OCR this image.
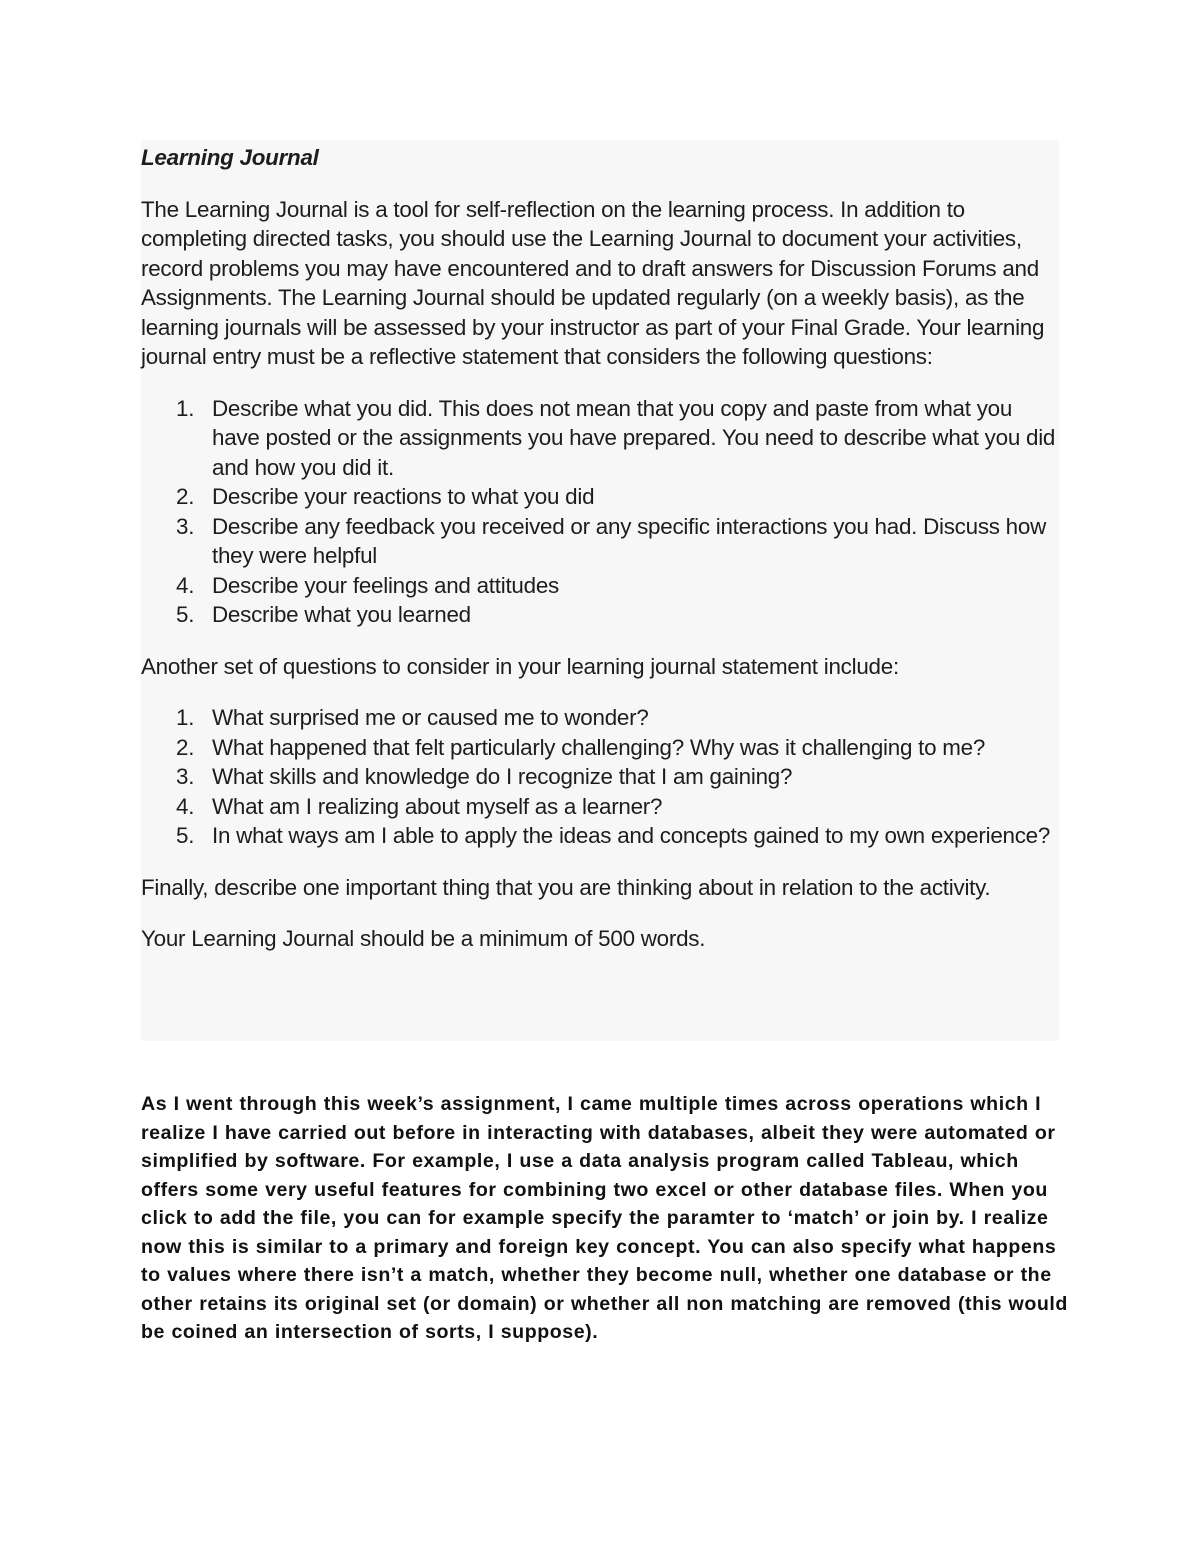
Learning Journal
The Learning Journal is a tool for self-reflection on the learning process. In addition to completing directed tasks, you should use the Learning Journal to document your activities, record problems you may have encountered and to draft answers for Discussion Forums and Assignments. The Learning Journal should be updated regularly (on a weekly basis), as the learning journals will be assessed by your instructor as part of your Final Grade. Your learning journal entry must be a reflective statement that considers the following questions:
1. Describe what you did. This does not mean that you copy and paste from what you have posted or the assignments you have prepared. You need to describe what you did and how you did it.
2. Describe your reactions to what you did
3. Describe any feedback you received or any specific interactions you had. Discuss how they were helpful
4. Describe your feelings and attitudes
5. Describe what you learned
Another set of questions to consider in your learning journal statement include:
1. What surprised me or caused me to wonder?
2. What happened that felt particularly challenging? Why was it challenging to me?
3. What skills and knowledge do I recognize that I am gaining?
4. What am I realizing about myself as a learner?
5. In what ways am I able to apply the ideas and concepts gained to my own experience?
Finally, describe one important thing that you are thinking about in relation to the activity.
Your Learning Journal should be a minimum of 500 words.
As I went through this week’s assignment, I came multiple times across operations which I realize I have carried out before in interacting with databases, albeit they were automated or simplified by software. For example, I use a data analysis program called Tableau, which offers some very useful features for combining two excel or other database files. When you click to add the file, you can for example specify the paramter to ‘match’ or join by. I realize now this is similar to a primary and foreign key concept. You can also specify what happens to values where there isn’t a match, whether they become null, whether one database or the other retains its original set (or domain) or whether all non matching are removed (this would be coined an intersection of sorts, I suppose).
